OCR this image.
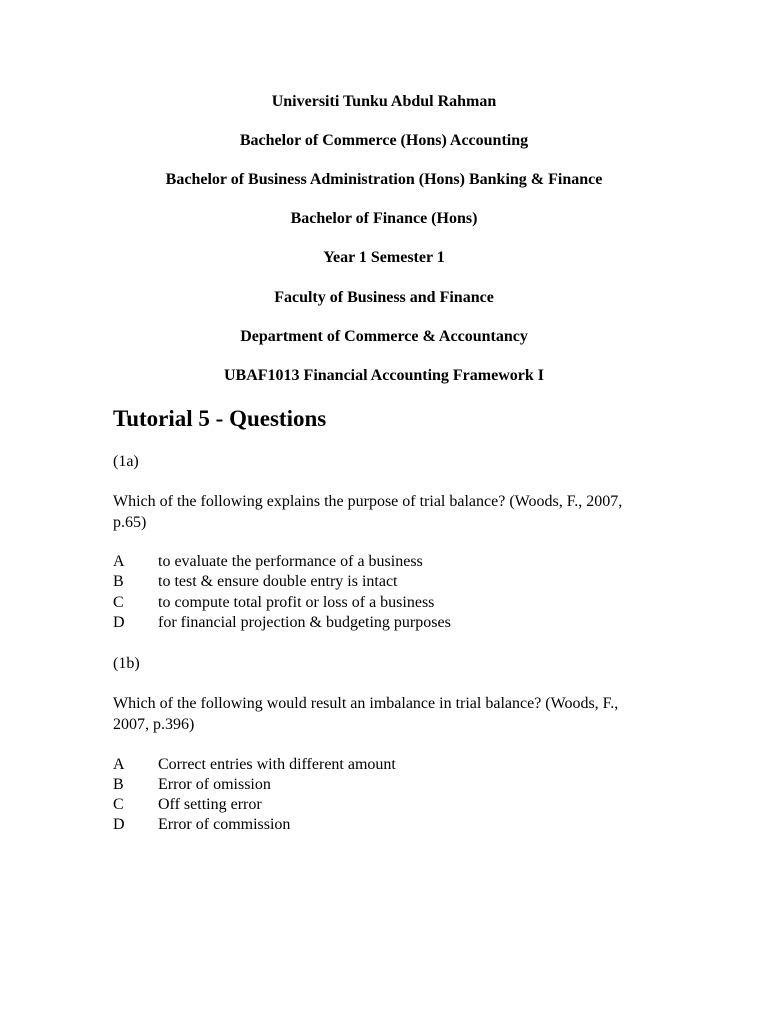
Universiti Tunku Abdul Rahman
Bachelor of Commerce (Hons) Accounting
Bachelor of Business Administration (Hons) Banking & Finance
Bachelor of Finance (Hons)
Year 1 Semester 1
Faculty of Business and Finance
Department of Commerce & Accountancy
UBAF1013 Financial Accounting Framework I
Tutorial 5 - Questions
(1a)
Which of the following explains the purpose of trial balance? (Woods, F., 2007, p.65)
A to evaluate the performance of a business
B to test & ensure double entry is intact
C to compute total profit or loss of a business
D for financial projection & budgeting purposes
(1b)
Which of the following would result an imbalance in trial balance? (Woods, F., 2007, p.396)
A Correct entries with different amount
B Error of omission
C Off setting error
D Error of commission
